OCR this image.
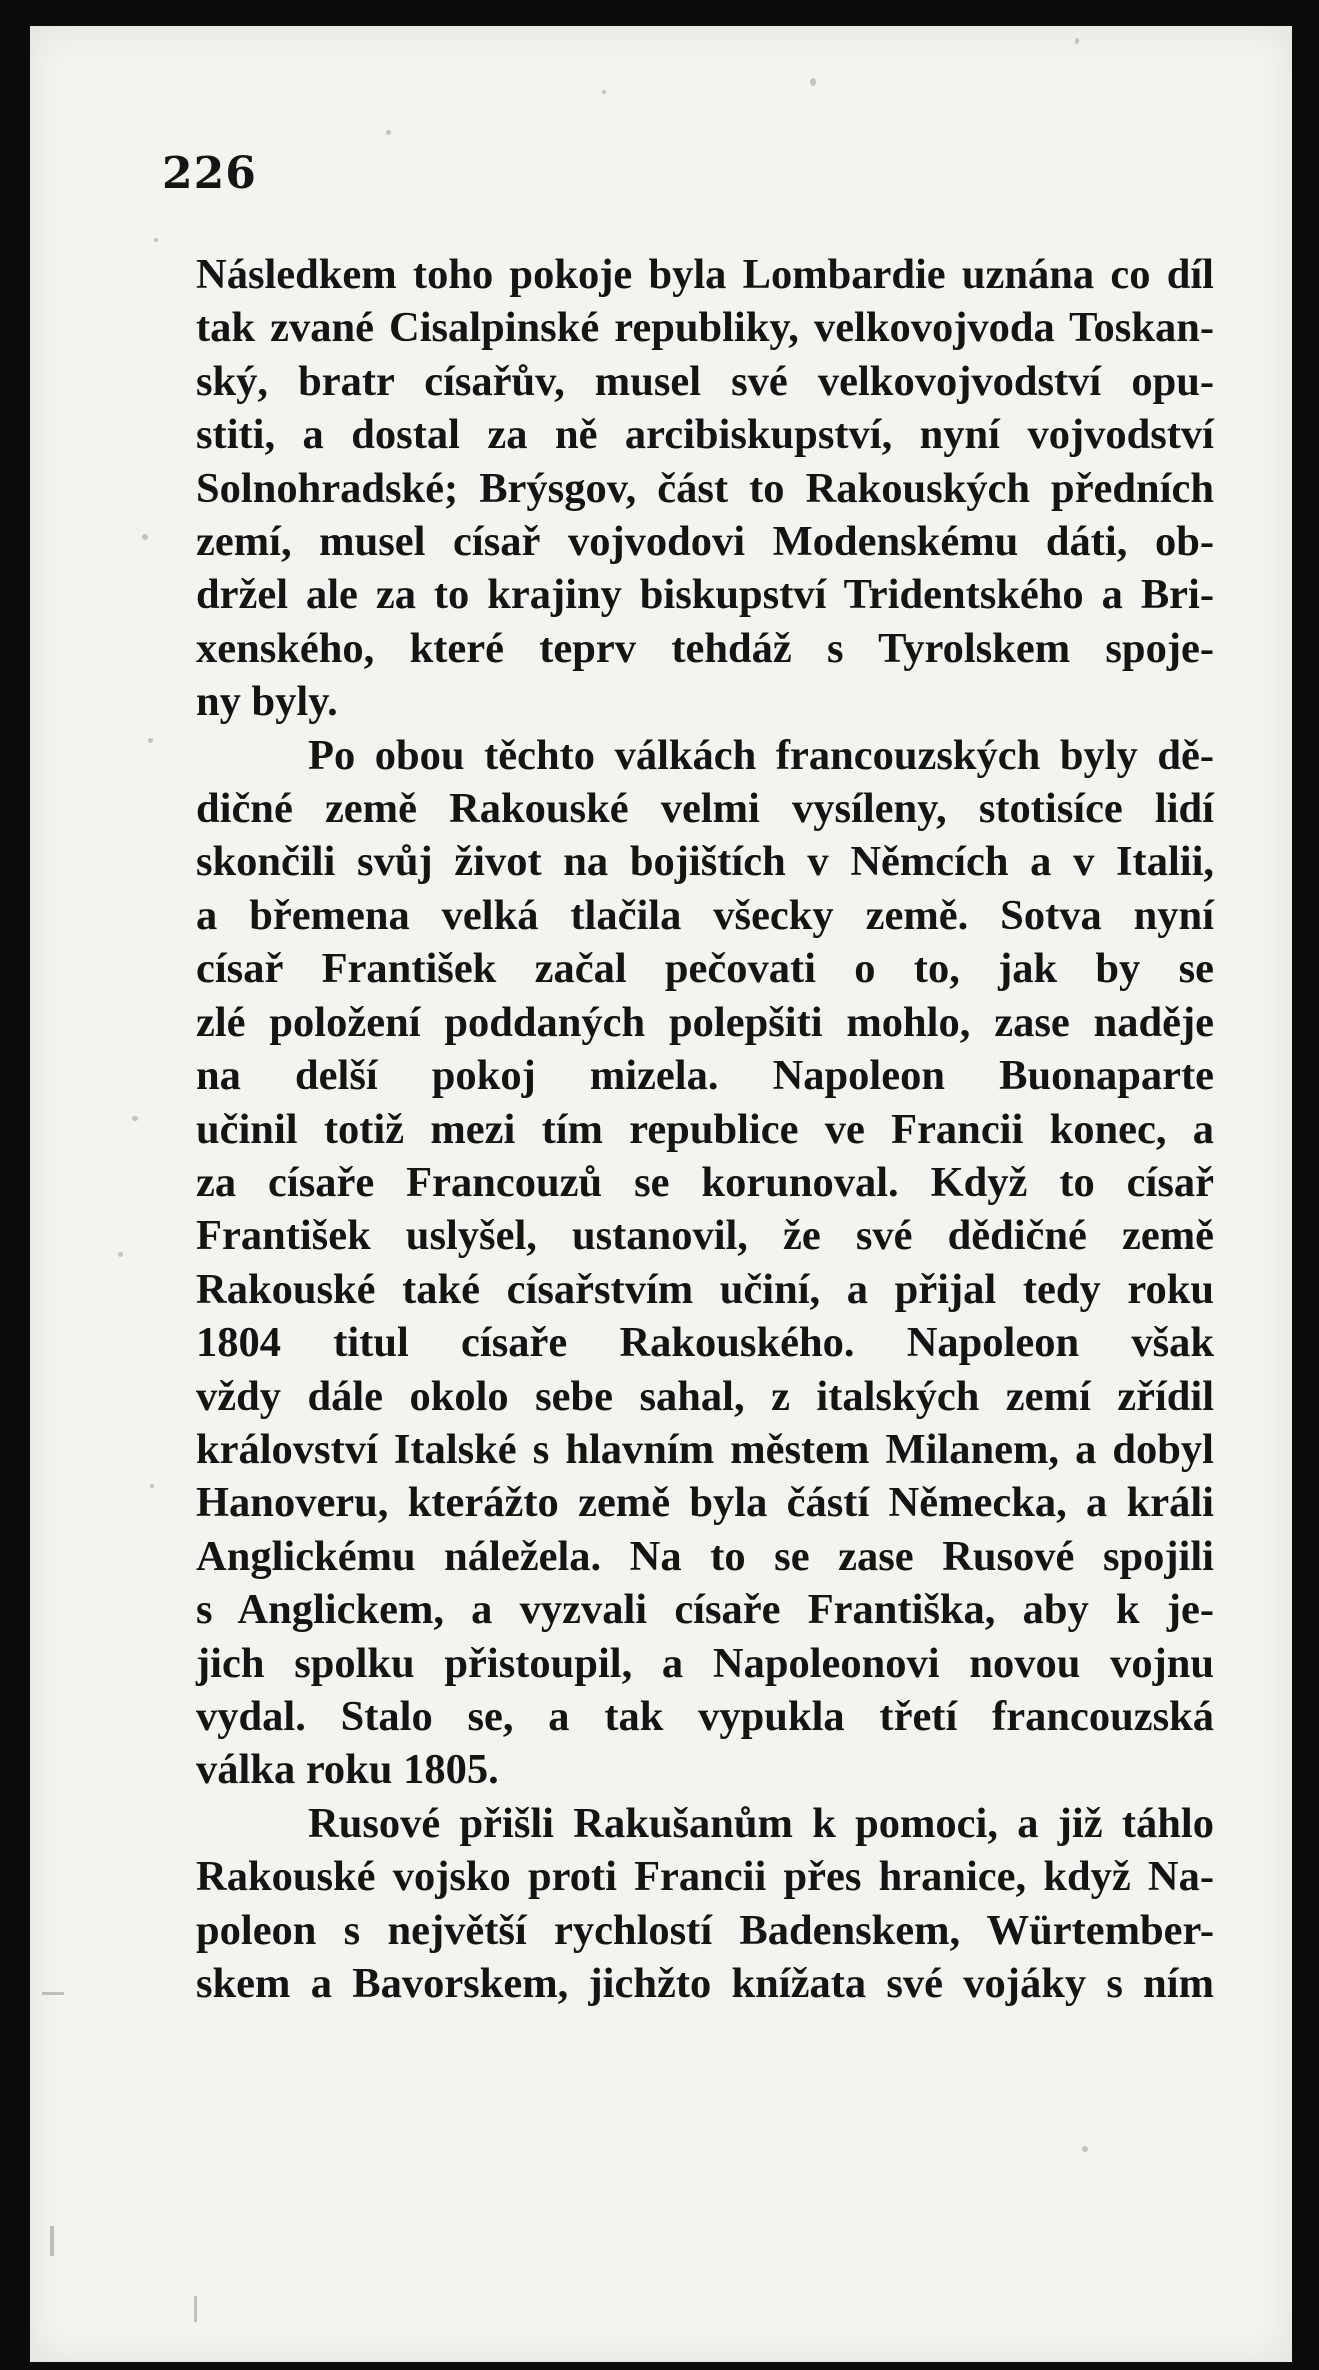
226
Následkem toho pokoje byla Lombardie uznána co díl
tak zvané Cisalpinské republiky, velkovojvoda Toskan-
ský, bratr císařův, musel své velkovojvodství opu-
stiti, a dostal za ně arcibiskupství, nyní vojvodství
Solnohradské; Brýsgov, část to Rakouských předních
zemí, musel císař vojvodovi Modenskému dáti, ob-
držel ale za to krajiny biskupství Tridentského a Bri-
xenského, které teprv tehdáž s Tyrolskem spoje-
ny byly.
Po obou těchto válkách francouzských byly dě-
dičné země Rakouské velmi vysíleny, stotisíce lidí
skončili svůj život na bojištích v Němcích a v Italii,
a břemena velká tlačila všecky země. Sotva nyní
císař František začal pečovati o to, jak by se
zlé položení poddaných polepšiti mohlo, zase naděje
na delší pokoj mizela. Napoleon Buonaparte
učinil totiž mezi tím republice ve Francii konec, a
za císaře Francouzů se korunoval. Když to císař
František uslyšel, ustanovil, že své dědičné země
Rakouské také císařstvím učiní, a přijal tedy roku
1804 titul císaře Rakouského. Napoleon však
vždy dále okolo sebe sahal, z italských zemí zřídil
království Italské s hlavním městem Milanem, a dobyl
Hanoveru, kterážto země byla částí Německa, a králi
Anglickému náležela. Na to se zase Rusové spojili
s Anglickem, a vyzvali císaře Františka, aby k je-
jich spolku přistoupil, a Napoleonovi novou vojnu
vydal. Stalo se, a tak vypukla třetí francouzská
válka roku 1805.
Rusové přišli Rakušanům k pomoci, a již táhlo
Rakouské vojsko proti Francii přes hranice, když Na-
poleon s největší rychlostí Badenskem, Würtember-
skem a Bavorskem, jichžto knížata své vojáky s ním
